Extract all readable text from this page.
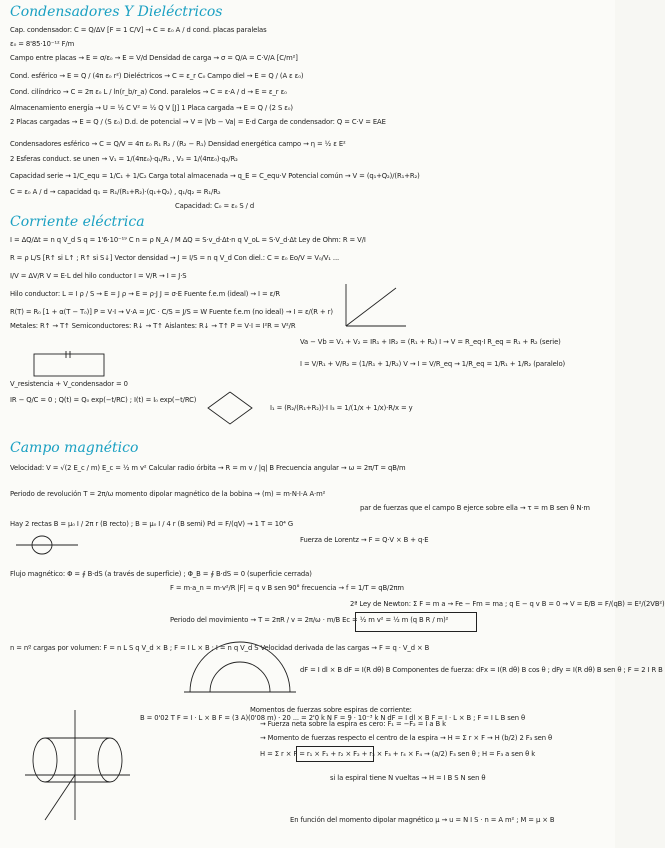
Condensadores Y Dieléctricos
Cap. condensador: C = Q/ΔV [F = 1 C/V] → C = ε₀ A / d cond. placas paralelas
ε₀ = 8'85·10⁻¹² F/m
Campo entre placas → E = σ/ε₀ → E = V/d Densidad de carga → σ = Q/A = C·V/A [C/m²]
Cond. esférico → E = Q / (4π ε₀ r²) Dieléctricos → C = ε_r C₀ Campo diel → E = Q / (A ε ε₀)
Cond. cilíndrico → C = 2π ε₀ L / ln(r_b/r_a) Cond. paralelos → C = ε·A / d → E = ε_r ε₀
Almacenamiento energía → U = ½ C V² = ½ Q V [J] 1 Placa cargada → E = Q / (2 S ε₀)
2 Placas cargadas → E = Q / (S ε₀) D.d. de potencial → V = |Vb − Va| = E·d Carga de condensador: Q = C·V = EAE
Condensadores esférico → C = Q/V = 4π ε₀ R₁ R₂ / (R₂ − R₁) Densidad energética campo → η = ½ ε E²
2 Esferas conduct. se unen → V₁ = 1/(4πε₀)·q₁/R₁ , V₂ = 1/(4πε₀)·q₂/R₂
Capacidad serie → 1/C_equ = 1/C₁ + 1/C₂ Carga total almacenada → q_E = C_equ·V Potencial común → V = (q₁+Q₂)/(R₁+R₂)
C = ε₀ A / d → capacidad q₁ = R₁/(R₁+R₂)·(q₁+Q₂) , q₁/q₂ = R₁/R₂
Capacidad: C₀ = ε₀ S / d
Corriente eléctrica
I = ΔQ/Δt = n q V_d S q = 1'6·10⁻¹⁹ C n = ρ N_A / M ΔQ = S·v_d·Δt·n q V_oL = S·V_d·Δt Ley de Ohm: R = V/I
R = ρ L/S [R↑ si L↑ ; R↑ si S↓] Vector densidad → J = I/S = n q V_d Con diel.: C = ε₀ Eo/V = V₀/V₁ ...
I/V = ΔV/R V = E·L del hilo conductor I = V/R → I = J·S
Hilo conductor: L = I ρ / S → E = J ρ → E = ρ·J J = σ·E Fuente f.e.m (ideal) → I = ε/R
R(T) = R₀ [1 + α(T − T₀)] P = V·I → V·A = J/C · C/S = J/S = W Fuente f.e.m (no ideal) → I = ε/(R + r)
Metales: R↑ → T↑ Semiconductores: R↓ → T↑ Aislantes: R↓ → T↑ P = V·I = I²R = V²/R
Va − Vb = V₁ + V₂ = IR₁ + IR₂ = (R₁ + R₂) I → V = R_eq·I R_eq = R₁ + R₂ (serie)
I = V/R₁ + V/R₂ = (1/R₁ + 1/R₂) V → I = V/R_eq → 1/R_eq = 1/R₁ + 1/R₂ (paralelo)
V_resistencia + V_condensador = 0
IR − Q/C = 0 ; Q(t) = Q₀ exp(−t/RC) ; I(t) = I₀ exp(−t/RC)
I₁ = (R₂/(R₁+R₂))·I I₃ = 1/(1/x + 1/x)·R/x = y
Campo magnético
Velocidad: V = √(2 E_c / m) E_c = ½ m v² Calcular radio órbita → R = m v / |q| B Frecuencia angular → ω = 2π/T = qB/m
Periodo de revolución T = 2π/ω momento dipolar magnético de la bobina → (m) = m·N·I·A A·m²
par de fuerzas que el campo B ejerce sobre ella → τ = m B sen θ N·m
Hay 2 rectas B = μ₀ I / 2π r (B recto) ; B = μ₀ I / 4 r (B semi) Pd = F/(qV) → 1 T = 10⁴ G
Fuerza de Lorentz → F = Q·V × B + q·E
Flujo magnético: Φ = ∮ B·dS (a través de superficie) ; Φ_B = ∮ B·dS = 0 (superficie cerrada)
F = m·a_n = m·v²/R |F| = q v B sen 90° frecuencia → f = 1/T = qB/2πm
2ª Ley de Newton: Σ F = m a → Fe − Fm = ma ; q E − q v B = 0 → V = E/B = F/(qB) = E²/(2VB²)
Periodo del movimiento → T = 2πR / v = 2π/ω · m/B Ec = ½ m v² = ½ m (q B R / m)²
n = nº cargas por volumen: F = n L S q V_d × B ; F = I L × B ; I = n q V_d S Velocidad derivada de las cargas → F = q · V_d × B
dF = I dl × B dF = I(R dθ) B Componentes de fuerza: dFx = I(R dθ) B cos θ ; dFy = I(R dθ) B sen θ ; F = 2 I R B
Momentos de fuerzas sobre espiras de corriente:
→ Fuerza neta sobre la espira es cero: F₁ = −F₂ = I a B k
→ Momento de fuerzas respecto el centro de la espira → H = Σ r × F → H (b/2) 2 F₃ sen θ
H = Σ r × F = r₁ × F₁ + r₂ × F₂ + r₃ × F₃ + r₄ × F₄ → (a/2) F₃ sen θ ; H = F₃ a sen θ k
si la espiral tiene N vueltas → H = I B S N sen θ
En función del momento dipolar magnético μ → u = N I S · n = A m² ; M = μ × B
B = 0'02 T F = I · L × B F = (3 A)(0'08 m) · 20 ... = 2'0 k N F = 9 · 10⁻³ k N dF = I dl × B F = I · L × B ; F = I L B sen θ
